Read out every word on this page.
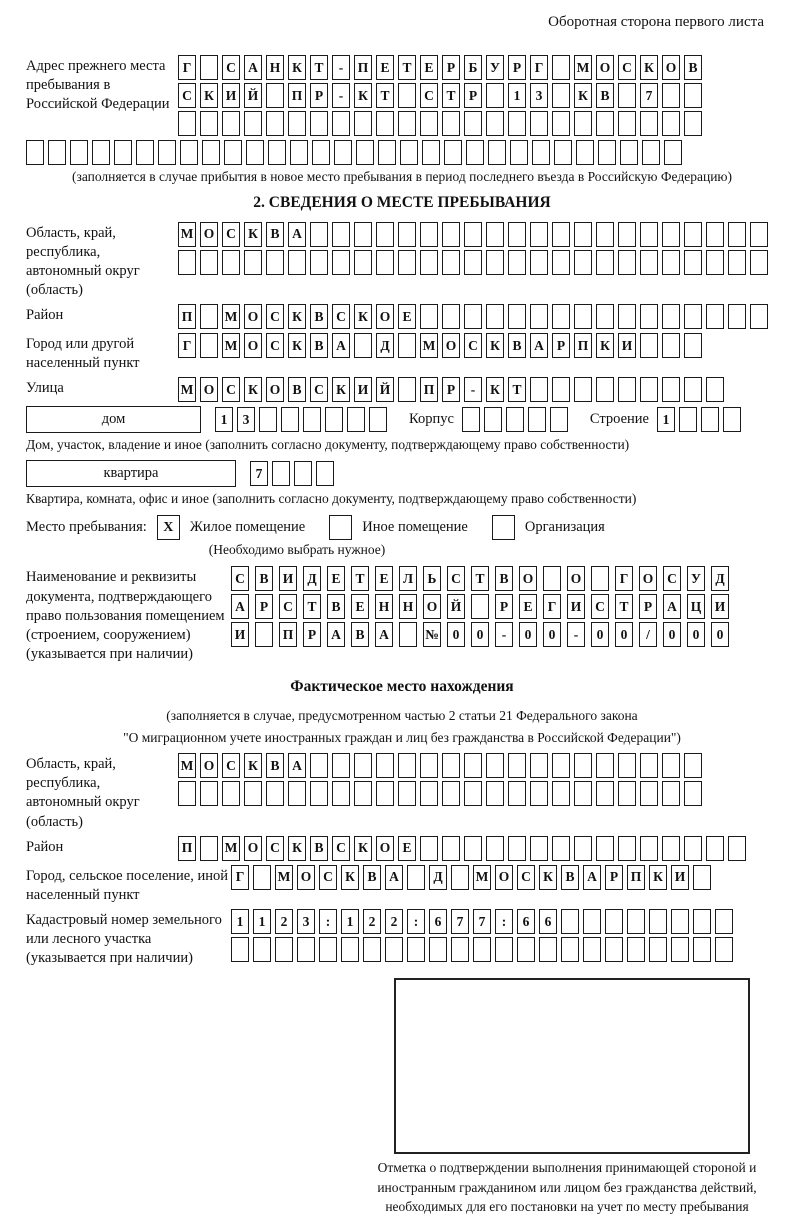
Оборотная сторона первого листа
Адрес прежнего места пребывания в Российской Федерации
Г	С А Н К Т	-	П Е Т Е Р Б У Р	Г	М О С К О В
С К И Й П Р	-	К Т	С Т Р	1	3	К В	7
(заполняется в случае прибытия в новое место пребывания в период последнего въезда в Российскую Федерацию)
2. СВЕДЕНИЯ О МЕСТЕ ПРЕБЫВАНИЯ
Область, край, республика, автономный округ (область)
М О С К В А
Район	П М О С К В С К О Е
Город или другой населенный пункт
Г	М О С К В А	Д	М О С К В А Р П К И
Улица	М О С К О В С К И Й П Р	-	К Т
дом	1	3	Корпус	Строение	1
Дом, участок, владение и иное (заполнить согласно документу, подтверждающему право собственности)
квартира	7
Квартира, комната, офис и иное (заполнить согласно документу, подтверждающему право собственности)
Место пребывания:	X	Жилое помещение	Иное помещение	Организация
(Необходимо выбрать нужное)
Наименование и реквизиты документа, подтверждающего право пользования помещением (строением, сооружением) (указывается при наличии)
С	В	И	Д	Е	Т	Е	Л	Ь	С	Т	В	О	О	Г	О	С	У	Д
А	Р	С	Т	В	Е	Н Н О Й	Р	Е	Г	И	С	Т	Р	А	Ц И
И	П	Р	А	В	А	№	0	0	-	0	0	-	0	0	/	0	0	0
Фактическое место нахождения
(заполняется в случае, предусмотренном частью 2 статьи 21 Федерального закона
"О миграционном учете иностранных граждан и лиц без гражданства в Российской Федерации")
Область, край, республика, автономный округ (область)
М О С К В А
Район	П М О С К В С К О Е
Город, сельское поселение, иной населенный пункт
Г	М О С К В А	Д	М О С К В А Р П К И
Кадастровый номер земельного или лесного участка (указывается при наличии)
1	1	2	3	:	1	2	2	:	6	7	7	:	6	6
Отметка о подтверждении выполнения принимающей стороной и иностранным гражданином или лицом без гражданства действий, необходимых для его постановки на учет по месту пребывания
